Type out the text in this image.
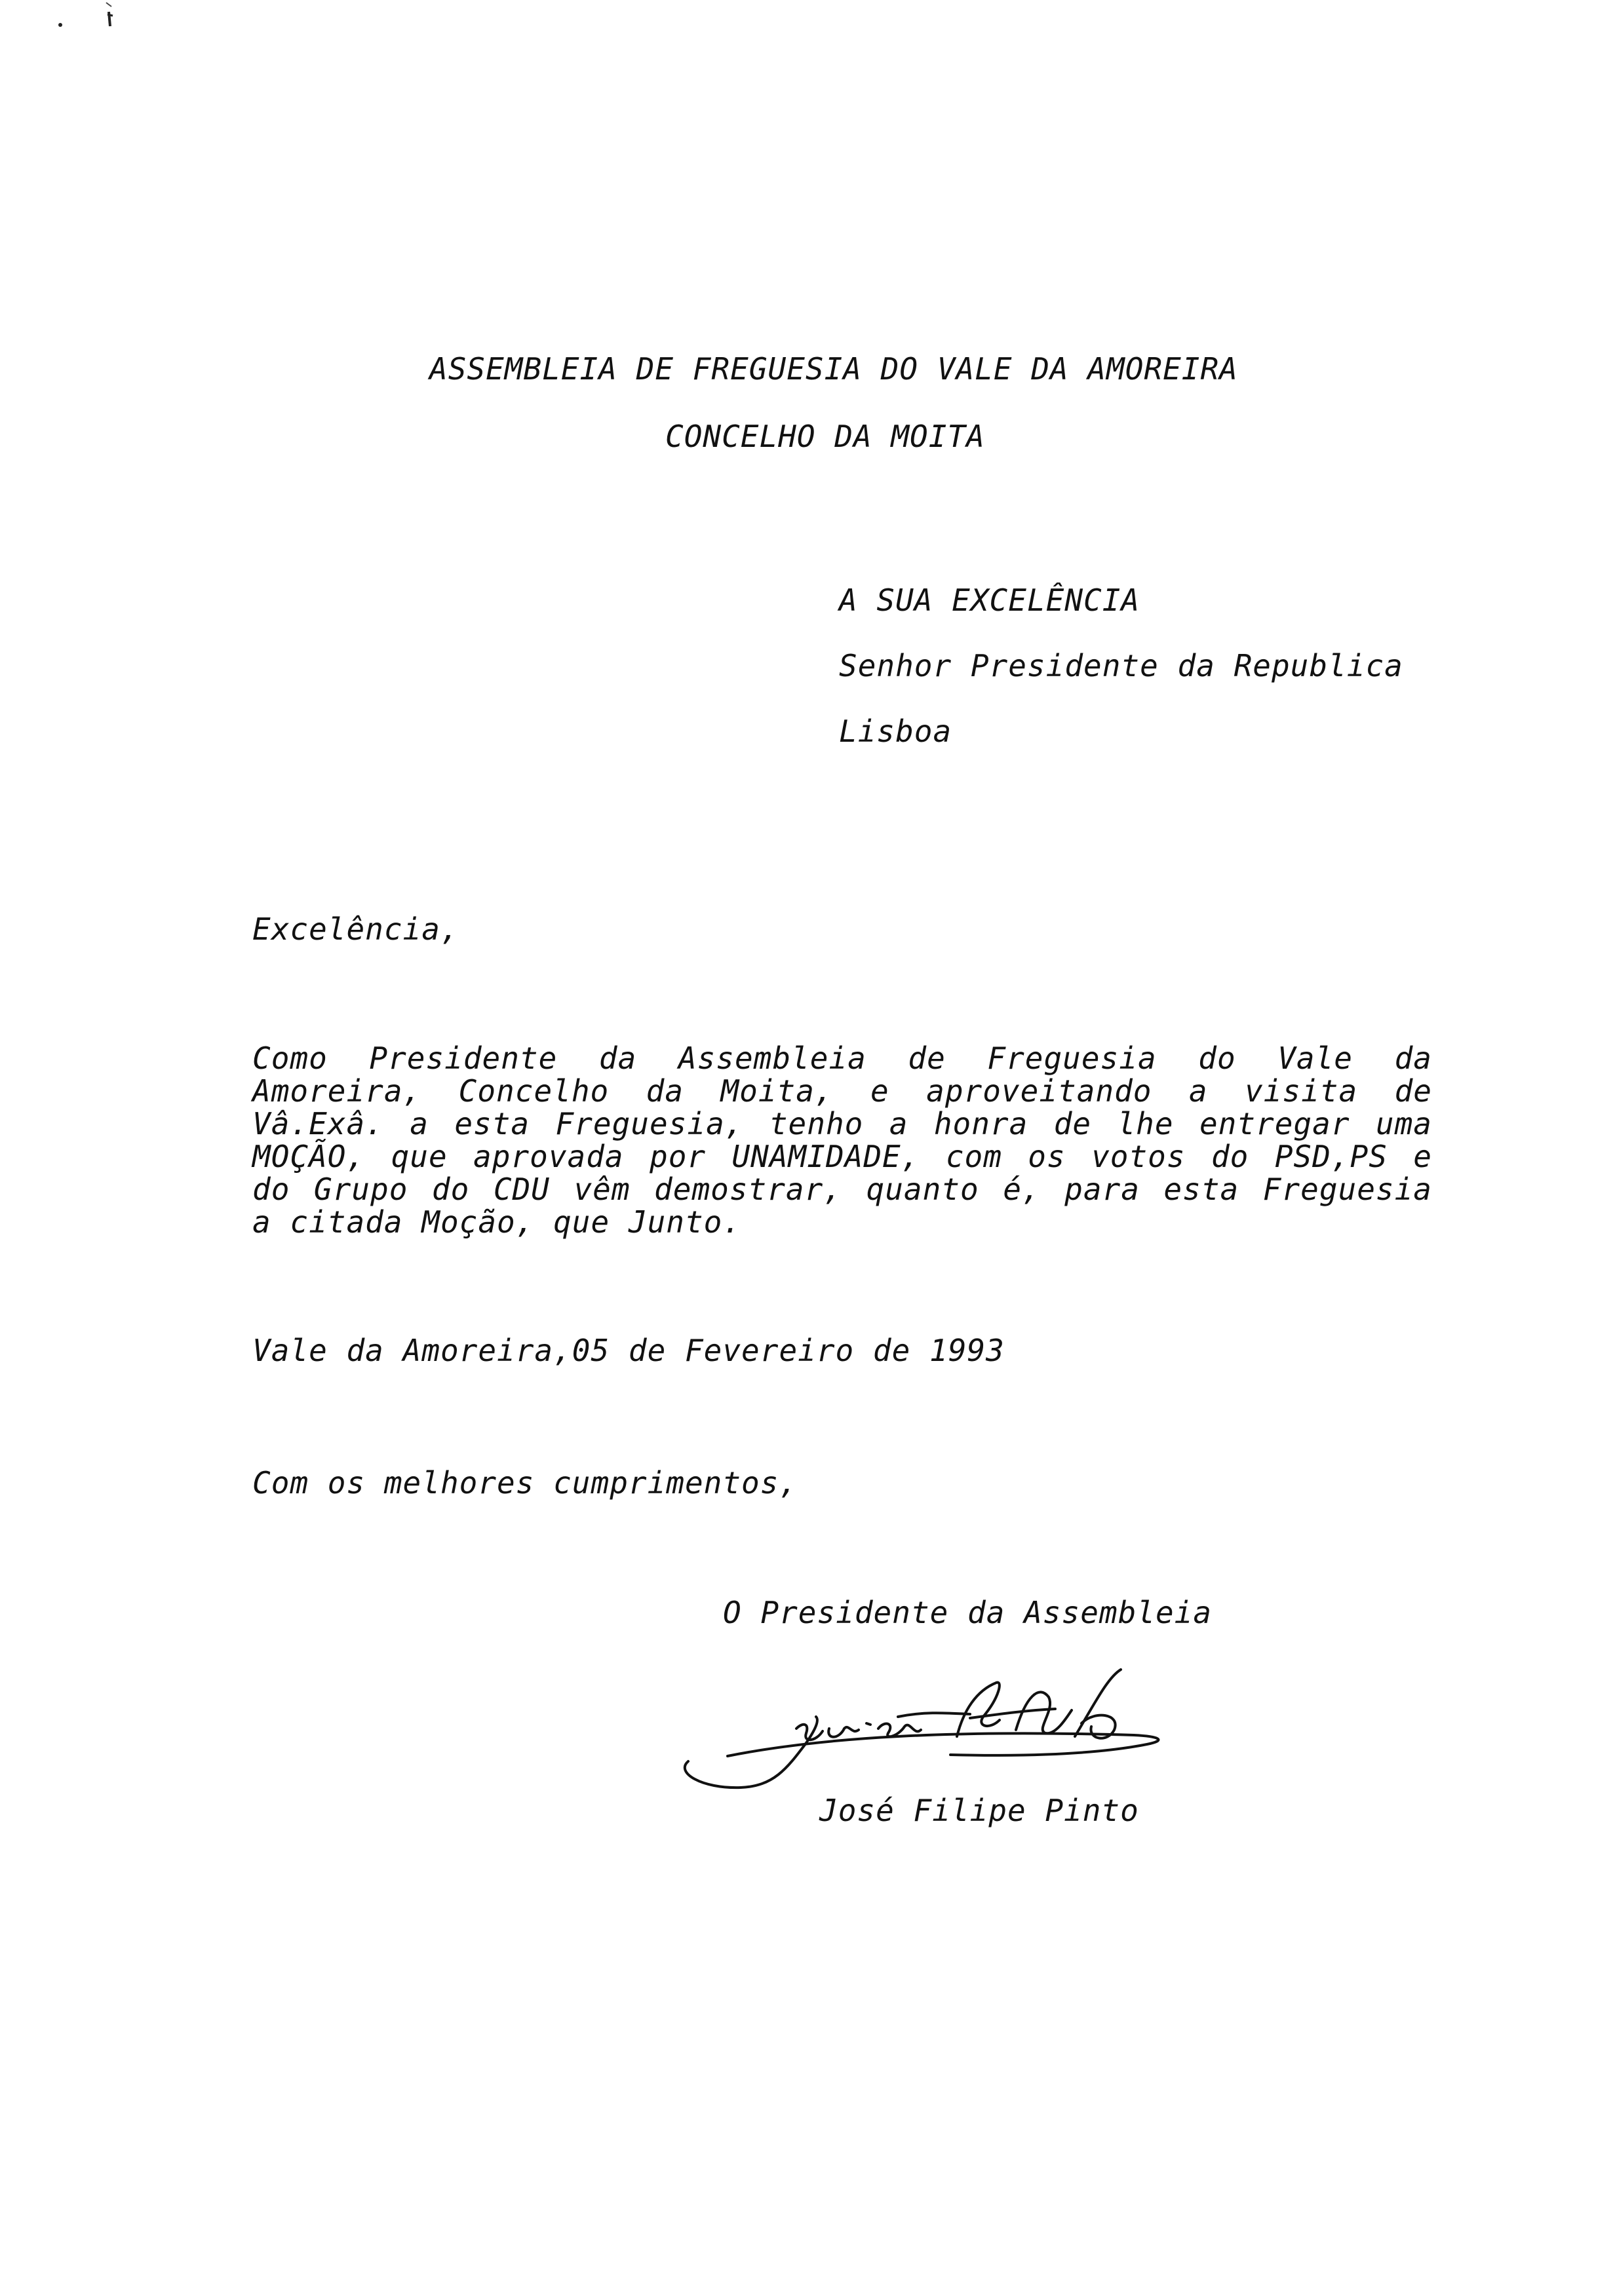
ASSEMBLEIA DE FREGUESIA DO VALE DA AMOREIRA
CONCELHO DA MOITA
A SUA EXCELÊNCIA
Senhor Presidente da Republica
Lisboa
Excelência,
Como Presidente da Assembleia de Freguesia do Vale da
Amoreira, Concelho da Moita, e aproveitando a visita de
Vâ.Exâ. a esta Freguesia, tenho a honra de lhe entregar uma
MOÇÃO, que aprovada por UNAMIDADE, com os votos do PSD,PS e
do Grupo do CDU vêm demostrar, quanto é, para esta Freguesia
a citada Moção, que Junto.
Vale da Amoreira,05 de Fevereiro de 1993
Com os melhores cumprimentos,
O Presidente da Assembleia
José Filipe Pinto
